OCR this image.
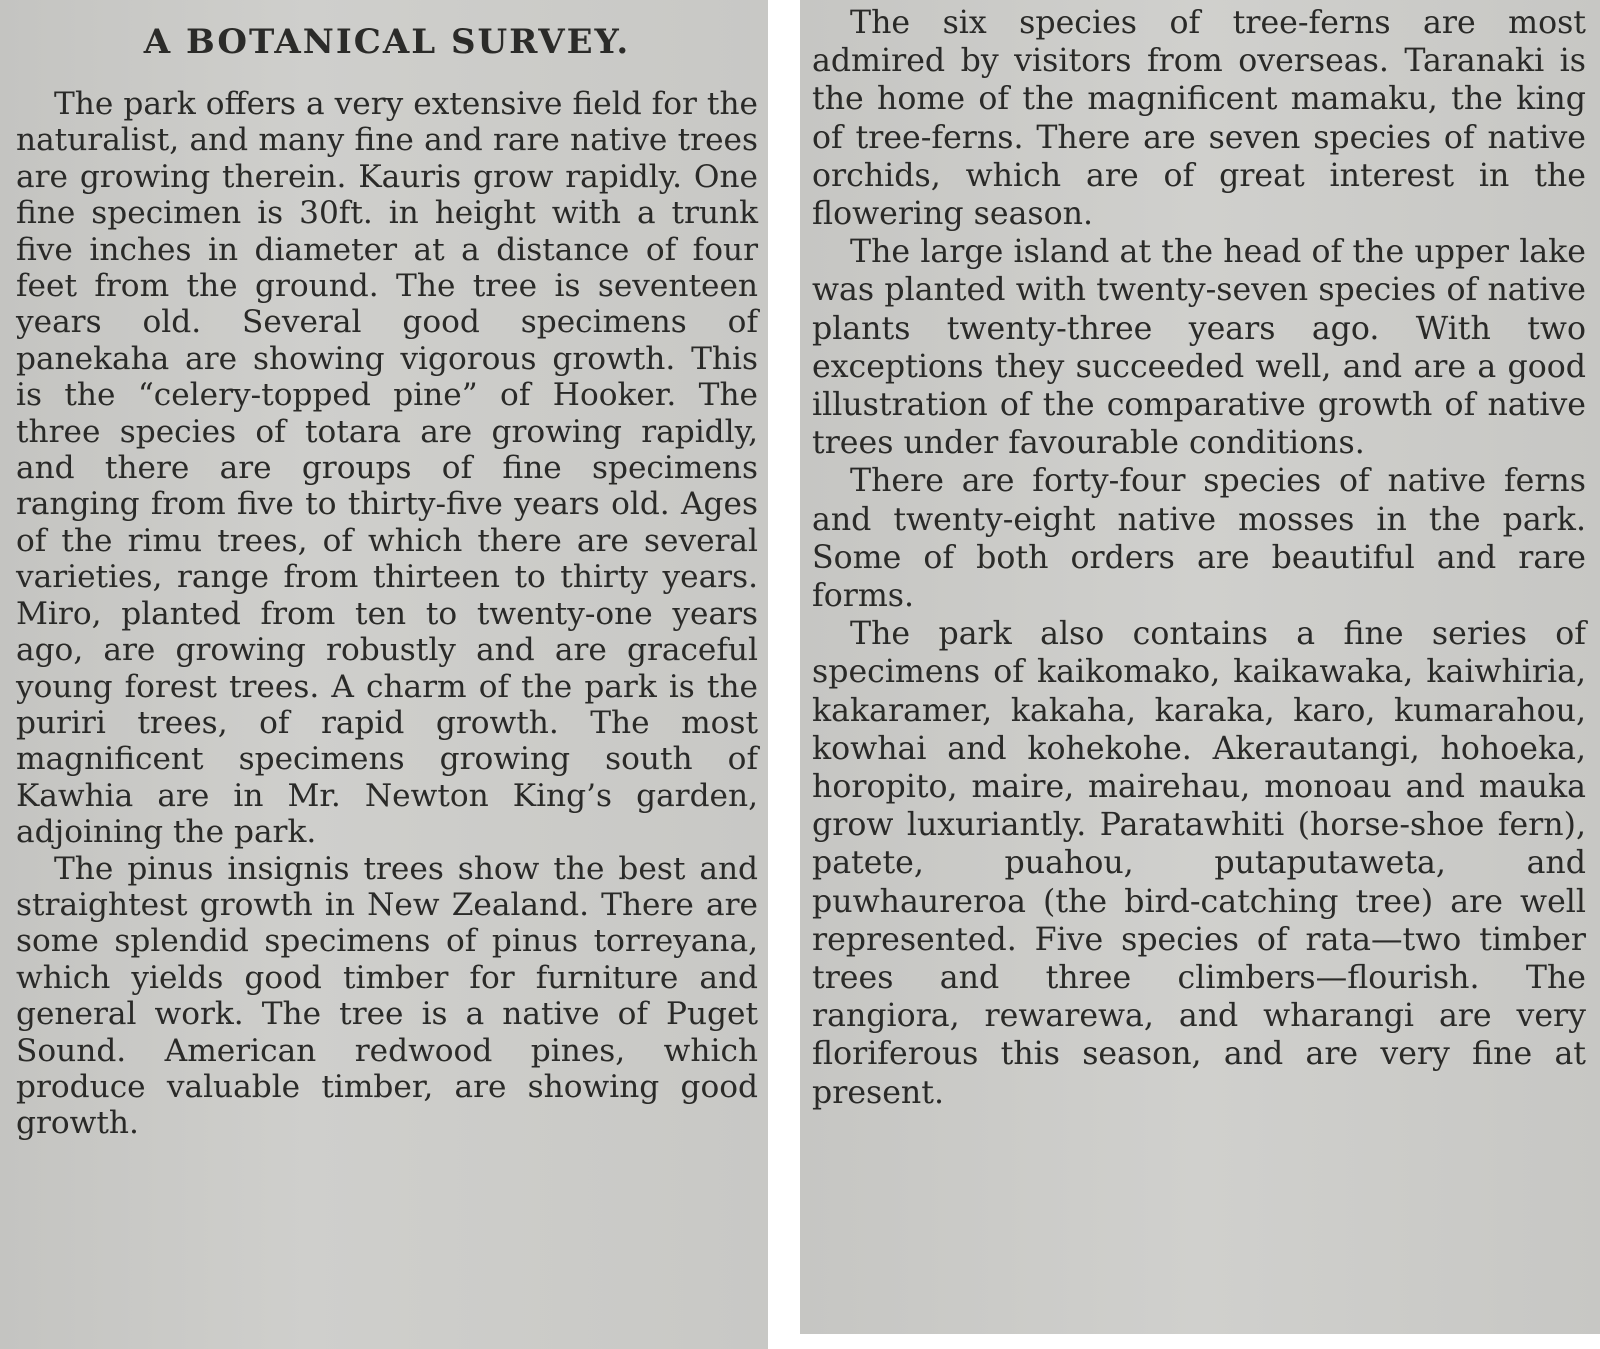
A BOTANICAL SURVEY.

The park offers a very extensive field for the naturalist, and many fine and rare native trees are growing therein. Kauris grow rapidly. One fine specimen is 30ft. in height with a trunk five inches in diameter at a distance of four feet from the ground. The tree is seventeen years old. Several good specimens of panekaha are showing vigorous growth. This is the “celery-topped pine” of Hooker. The three species of totara are growing rapidly, and there are groups of fine specimens ranging from five to thirty-five years old. Ages of the rimu trees, of which there are several varieties, range from thirteen to thirty years. Miro, planted from ten to twenty-one years ago, are growing robustly and are graceful young forest trees. A charm of the park is the puriri trees, of rapid growth. The most magnificent specimens growing south of Kawhia are in Mr. Newton King’s garden, adjoining the park.

The pinus insignis trees show the best and straightest growth in New Zealand. There are some splendid specimens of pinus torreyana, which yields good timber for furniture and general work. The tree is a native of Puget Sound. American redwood pines, which produce valuable timber, are showing good growth.

The six species of tree-ferns are most admired by visitors from overseas. Taranaki is the home of the magnificent mamaku, the king of tree-ferns. There are seven species of native orchids, which are of great interest in the flowering season.

The large island at the head of the upper lake was planted with twenty-seven species of native plants twenty-three years ago. With two exceptions they succeeded well, and are a good illustration of the comparative growth of native trees under favourable conditions.

There are forty-four species of native ferns and twenty-eight native mosses in the park. Some of both orders are beautiful and rare forms.

The park also contains a fine series of specimens of kaikomako, kaikawaka, kaiwhiria, kakaramer, kakaha, karaka, karo, kumarahou, kowhai and kohekohe. Akerautangi, hohoeka, horopito, maire, mairehau, monoau and mauka grow luxuriantly. Paratawhiti (horse-shoe fern), patete, puahou, putaputaweta, and puwhaureroa (the bird-catching tree) are well represented. Five species of rata—two timber trees and three climbers—flourish. The rangiora, rewarewa, and wharangi are very floriferous this season, and are very fine at present.
